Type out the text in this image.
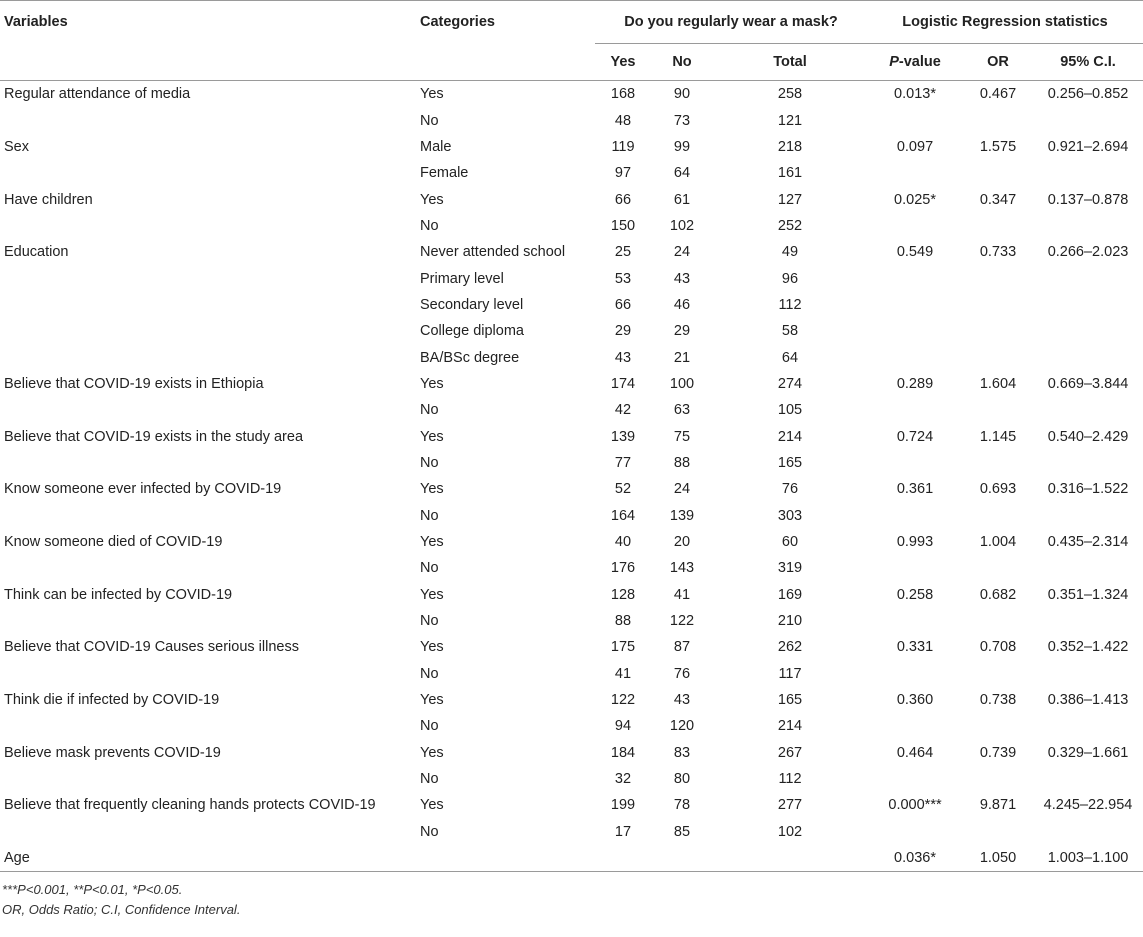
Variables	Categories	Do you regularly wear a mask?			Logistic Regression statistics		
		Yes	No	Total	P-value	OR	95% C.I.
Regular attendance of media	Yes	168	90	258	0.013*	0.467	0.256–0.852
	No	48	73	121			
Sex	Male	119	99	218	0.097	1.575	0.921–2.694
	Female	97	64	161			
Have children	Yes	66	61	127	0.025*	0.347	0.137–0.878
	No	150	102	252			
Education	Never attended school	25	24	49	0.549	0.733	0.266–2.023
	Primary level	53	43	96			
	Secondary level	66	46	112			
	College diploma	29	29	58			
	BA/BSc degree	43	21	64			
Believe that COVID-19 exists in Ethiopia	Yes	174	100	274	0.289	1.604	0.669–3.844
	No	42	63	105			
Believe that COVID-19 exists in the study area	Yes	139	75	214	0.724	1.145	0.540–2.429
	No	77	88	165			
Know someone ever infected by COVID-19	Yes	52	24	76	0.361	0.693	0.316–1.522
	No	164	139	303			
Know someone died of COVID-19	Yes	40	20	60	0.993	1.004	0.435–2.314
	No	176	143	319			
Think can be infected by COVID-19	Yes	128	41	169	0.258	0.682	0.351–1.324
	No	88	122	210			
Believe that COVID-19 Causes serious illness	Yes	175	87	262	0.331	0.708	0.352–1.422
	No	41	76	117			
Think die if infected by COVID-19	Yes	122	43	165	0.360	0.738	0.386–1.413
	No	94	120	214			
Believe mask prevents COVID-19	Yes	184	83	267	0.464	0.739	0.329–1.661
	No	32	80	112			
Believe that frequently cleaning hands protects COVID-19	Yes	199	78	277	0.000***	9.871	4.245–22.954
	No	17	85	102			
Age					0.036*	1.050	1.003–1.100
***P<0.001, **P<0.01, *P<0.05.
OR, Odds Ratio; C.I, Confidence Interval.
